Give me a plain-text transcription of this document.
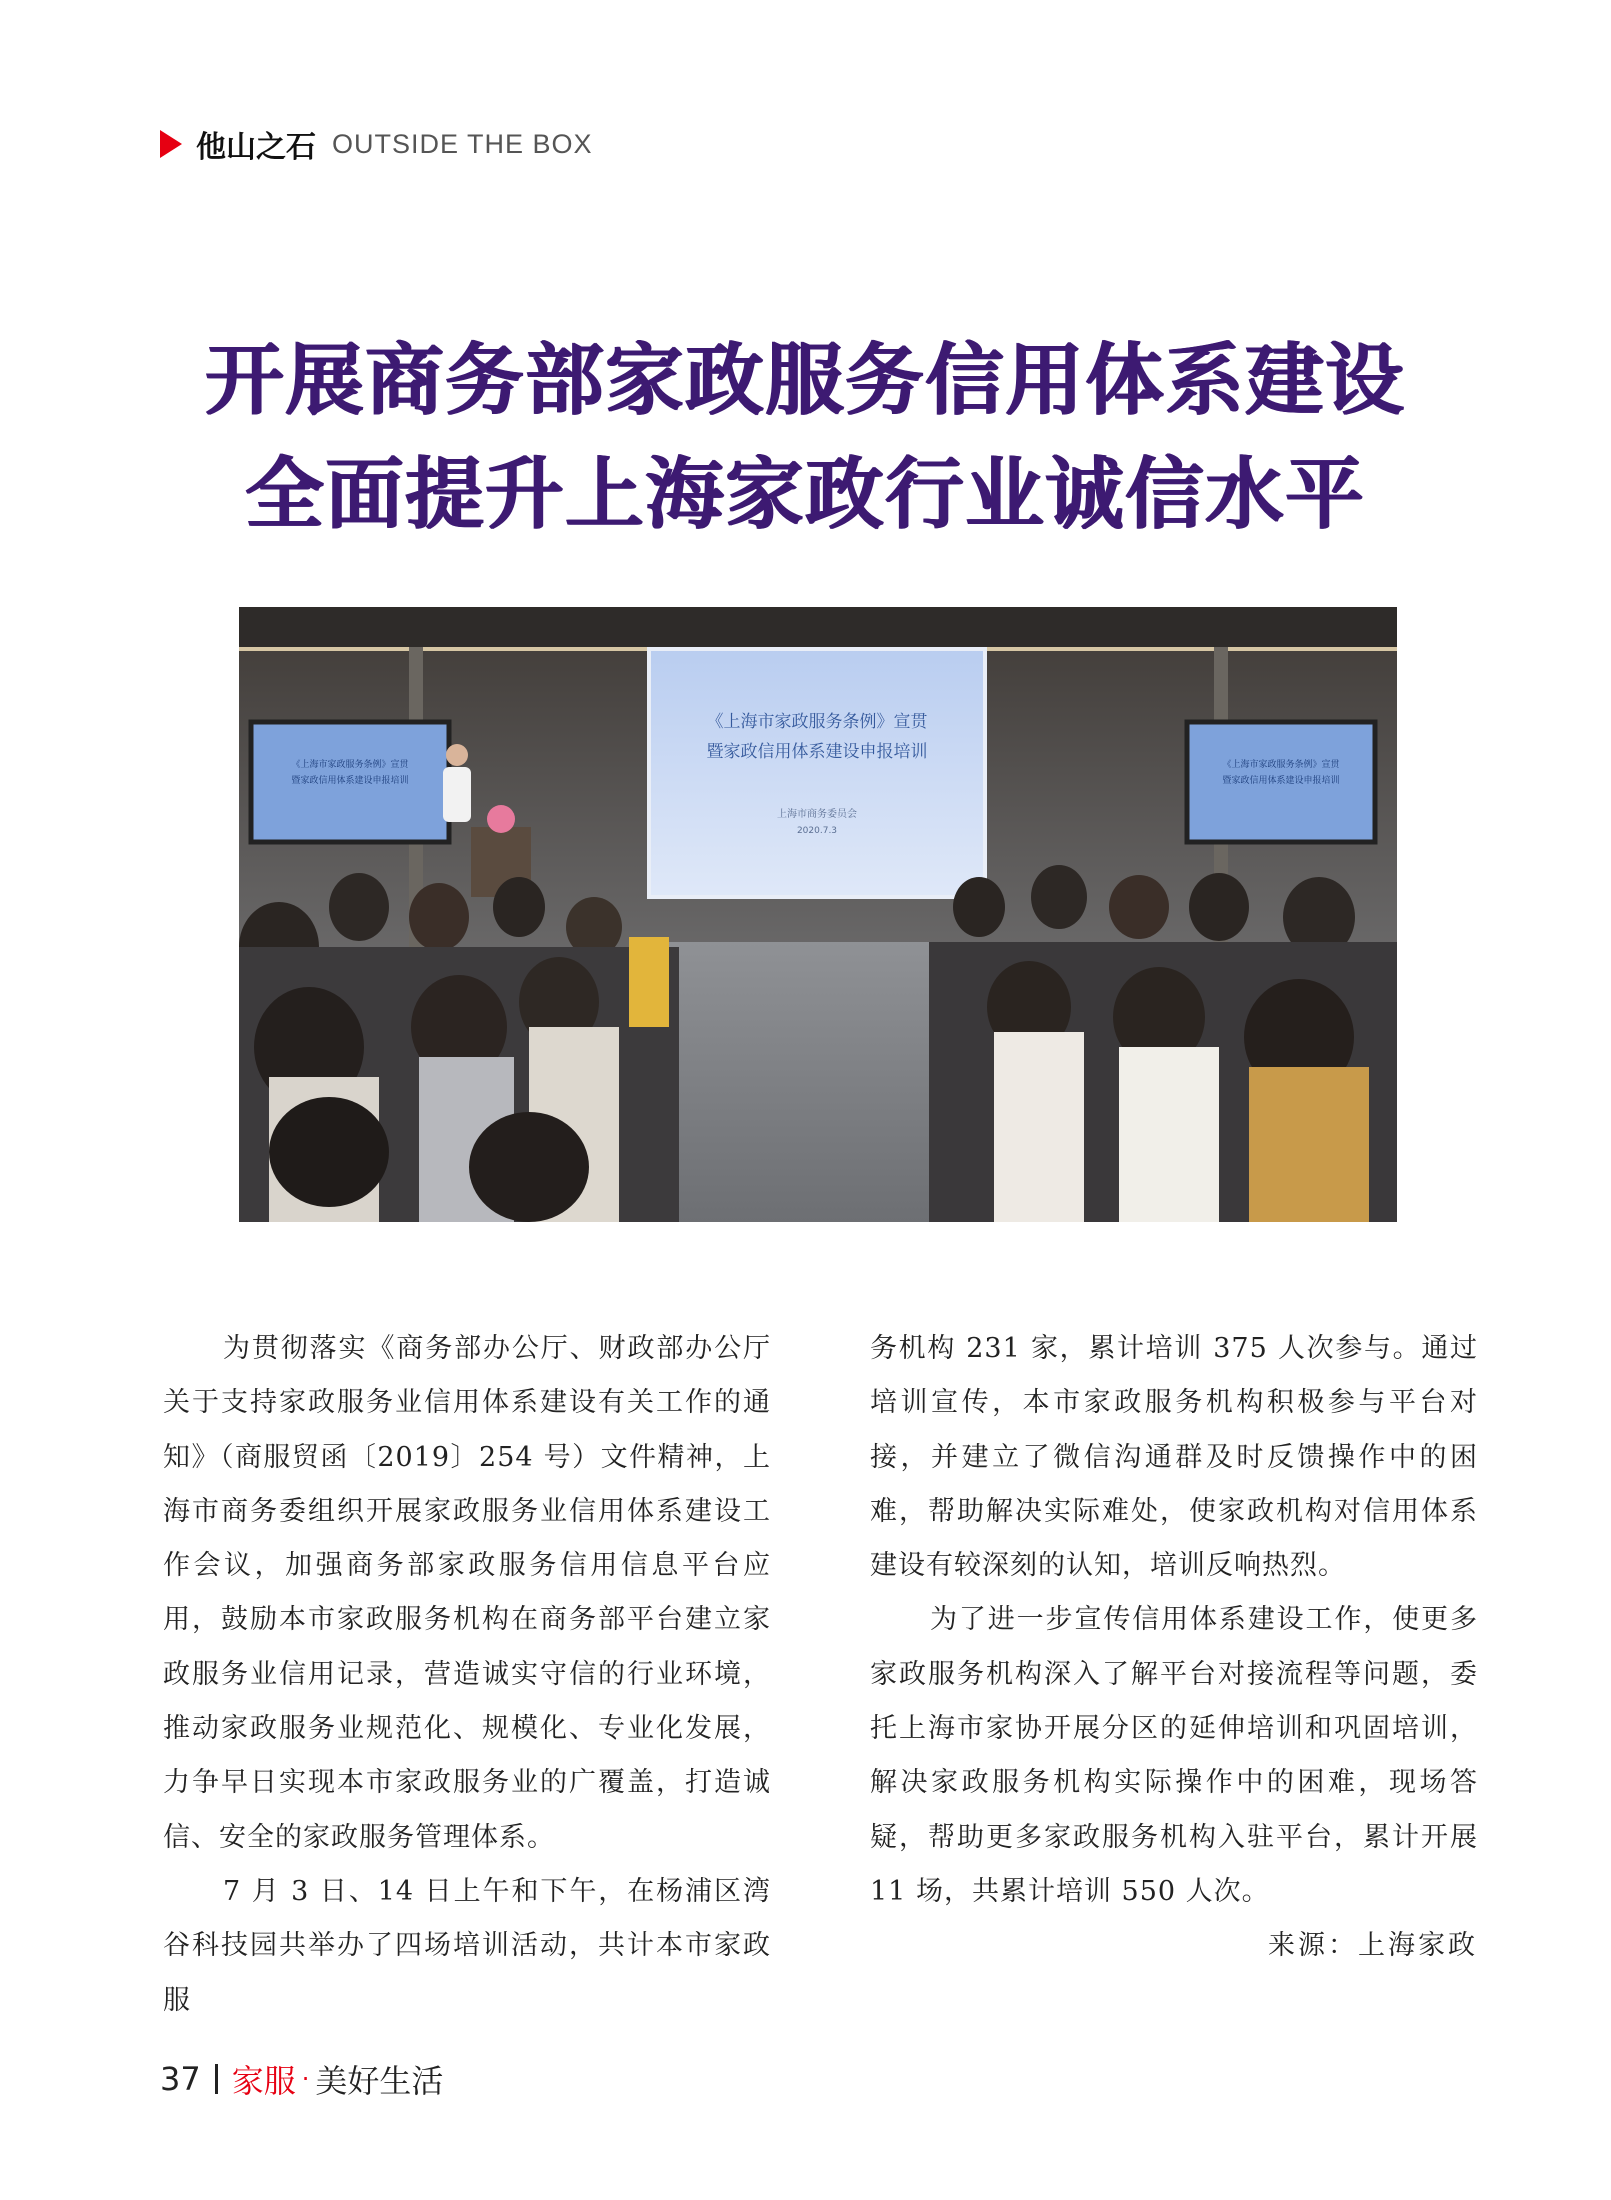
他山之石 OUTSIDE THE BOX
开展商务部家政服务信用体系建设
全面提升上海家政行业诚信水平
《上海市家政服务条例》宣贯
暨家政信用体系建设申报培训
上海市商务委员会
2020.7.3
《上海市家政服务条例》宣贯
暨家政信用体系建设申报培训
《上海市家政服务条例》宣贯
暨家政信用体系建设申报培训

为贯彻落实《商务部办公厅、财政部办公厅关于支持家政服务业信用体系建设有关工作的通知》（商服贸函〔2019〕254 号）文件精神，上海市商务委组织开展家政服务业信用体系建设工作会议，加强商务部家政服务信用信息平台应用，鼓励本市家政服务机构在商务部平台建立家政服务业信用记录，营造诚实守信的行业环境，推动家政服务业规范化、规模化、专业化发展，力争早日实现本市家政服务业的广覆盖，打造诚信、安全的家政服务管理体系。

7 月 3 日、14 日上午和下午，在杨浦区湾谷科技园共举办了四场培训活动，共计本市家政服

务机构 231 家，累计培训 375 人次参与。通过培训宣传，本市家政服务机构积极参与平台对接，并建立了微信沟通群及时反馈操作中的困难，帮助解决实际难处，使家政机构对信用体系建设有较深刻的认知，培训反响热烈。

为了进一步宣传信用体系建设工作，使更多家政服务机构深入了解平台对接流程等问题，委托上海市家协开展分区的延伸培训和巩固培训，解决家政服务机构实际操作中的困难，现场答疑，帮助更多家政服务机构入驻平台，累计开展 11 场，共累计培训 550 人次。

来源：上海家政

37 家服 · 美好生活
